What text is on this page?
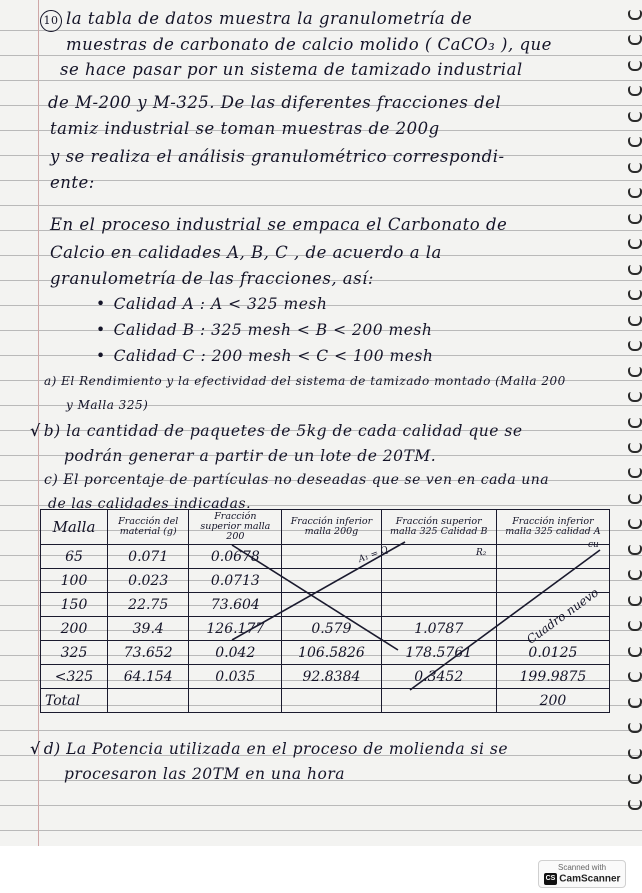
10 la tabla de datos muestra la granulometría de
muestras de carbonato de calcio molido ( CaCO₃ ), que
se hace pasar por un sistema de tamizado industrial
de M-200 y M-325. De las diferentes fracciones del
tamiz industrial se toman muestras de 200g
y se realiza el análisis granulométrico correspondi-
ente:
En el proceso industrial se empaca el Carbonato de
Calcio en calidades A, B, C , de acuerdo a la
granulometría de las fracciones, así:
• Calidad A : A < 325 mesh
• Calidad B : 325 mesh < B < 200 mesh
• Calidad C : 200 mesh < C < 100 mesh
a) El Rendimiento y la efectividad del sistema de tamizado montado (Malla 200
y Malla 325)
√ b) la cantidad de paquetes de 5kg de cada calidad que se
podrán generar a partir de un lote de 20TM.
c) El porcentaje de partículas no deseadas que se ven en cada una
de las calidades indicadas.
Malla	Fracción del material (g)	Fracción superior malla 200	Fracción inferior malla 200g	Fracción superior malla 325 Calidad B	Fracción inferior malla 325 calidad A
65	0.071	0.0678			
100	0.023	0.0713			
150	22.75	73.604			
200	39.4	126.177	0.579	1.0787	
325	73.652	0.042	106.5826	178.5761	0.0125
<325	64.154	0.035	92.8384	0.3452	199.9875
Total					200
Cuadro nuevo
A₁ = Q	R₂
cu
√ d) La Potencia utilizada en el proceso de molienda si se
procesaron las 20TM en una hora
Scanned with
CS CamScanner
